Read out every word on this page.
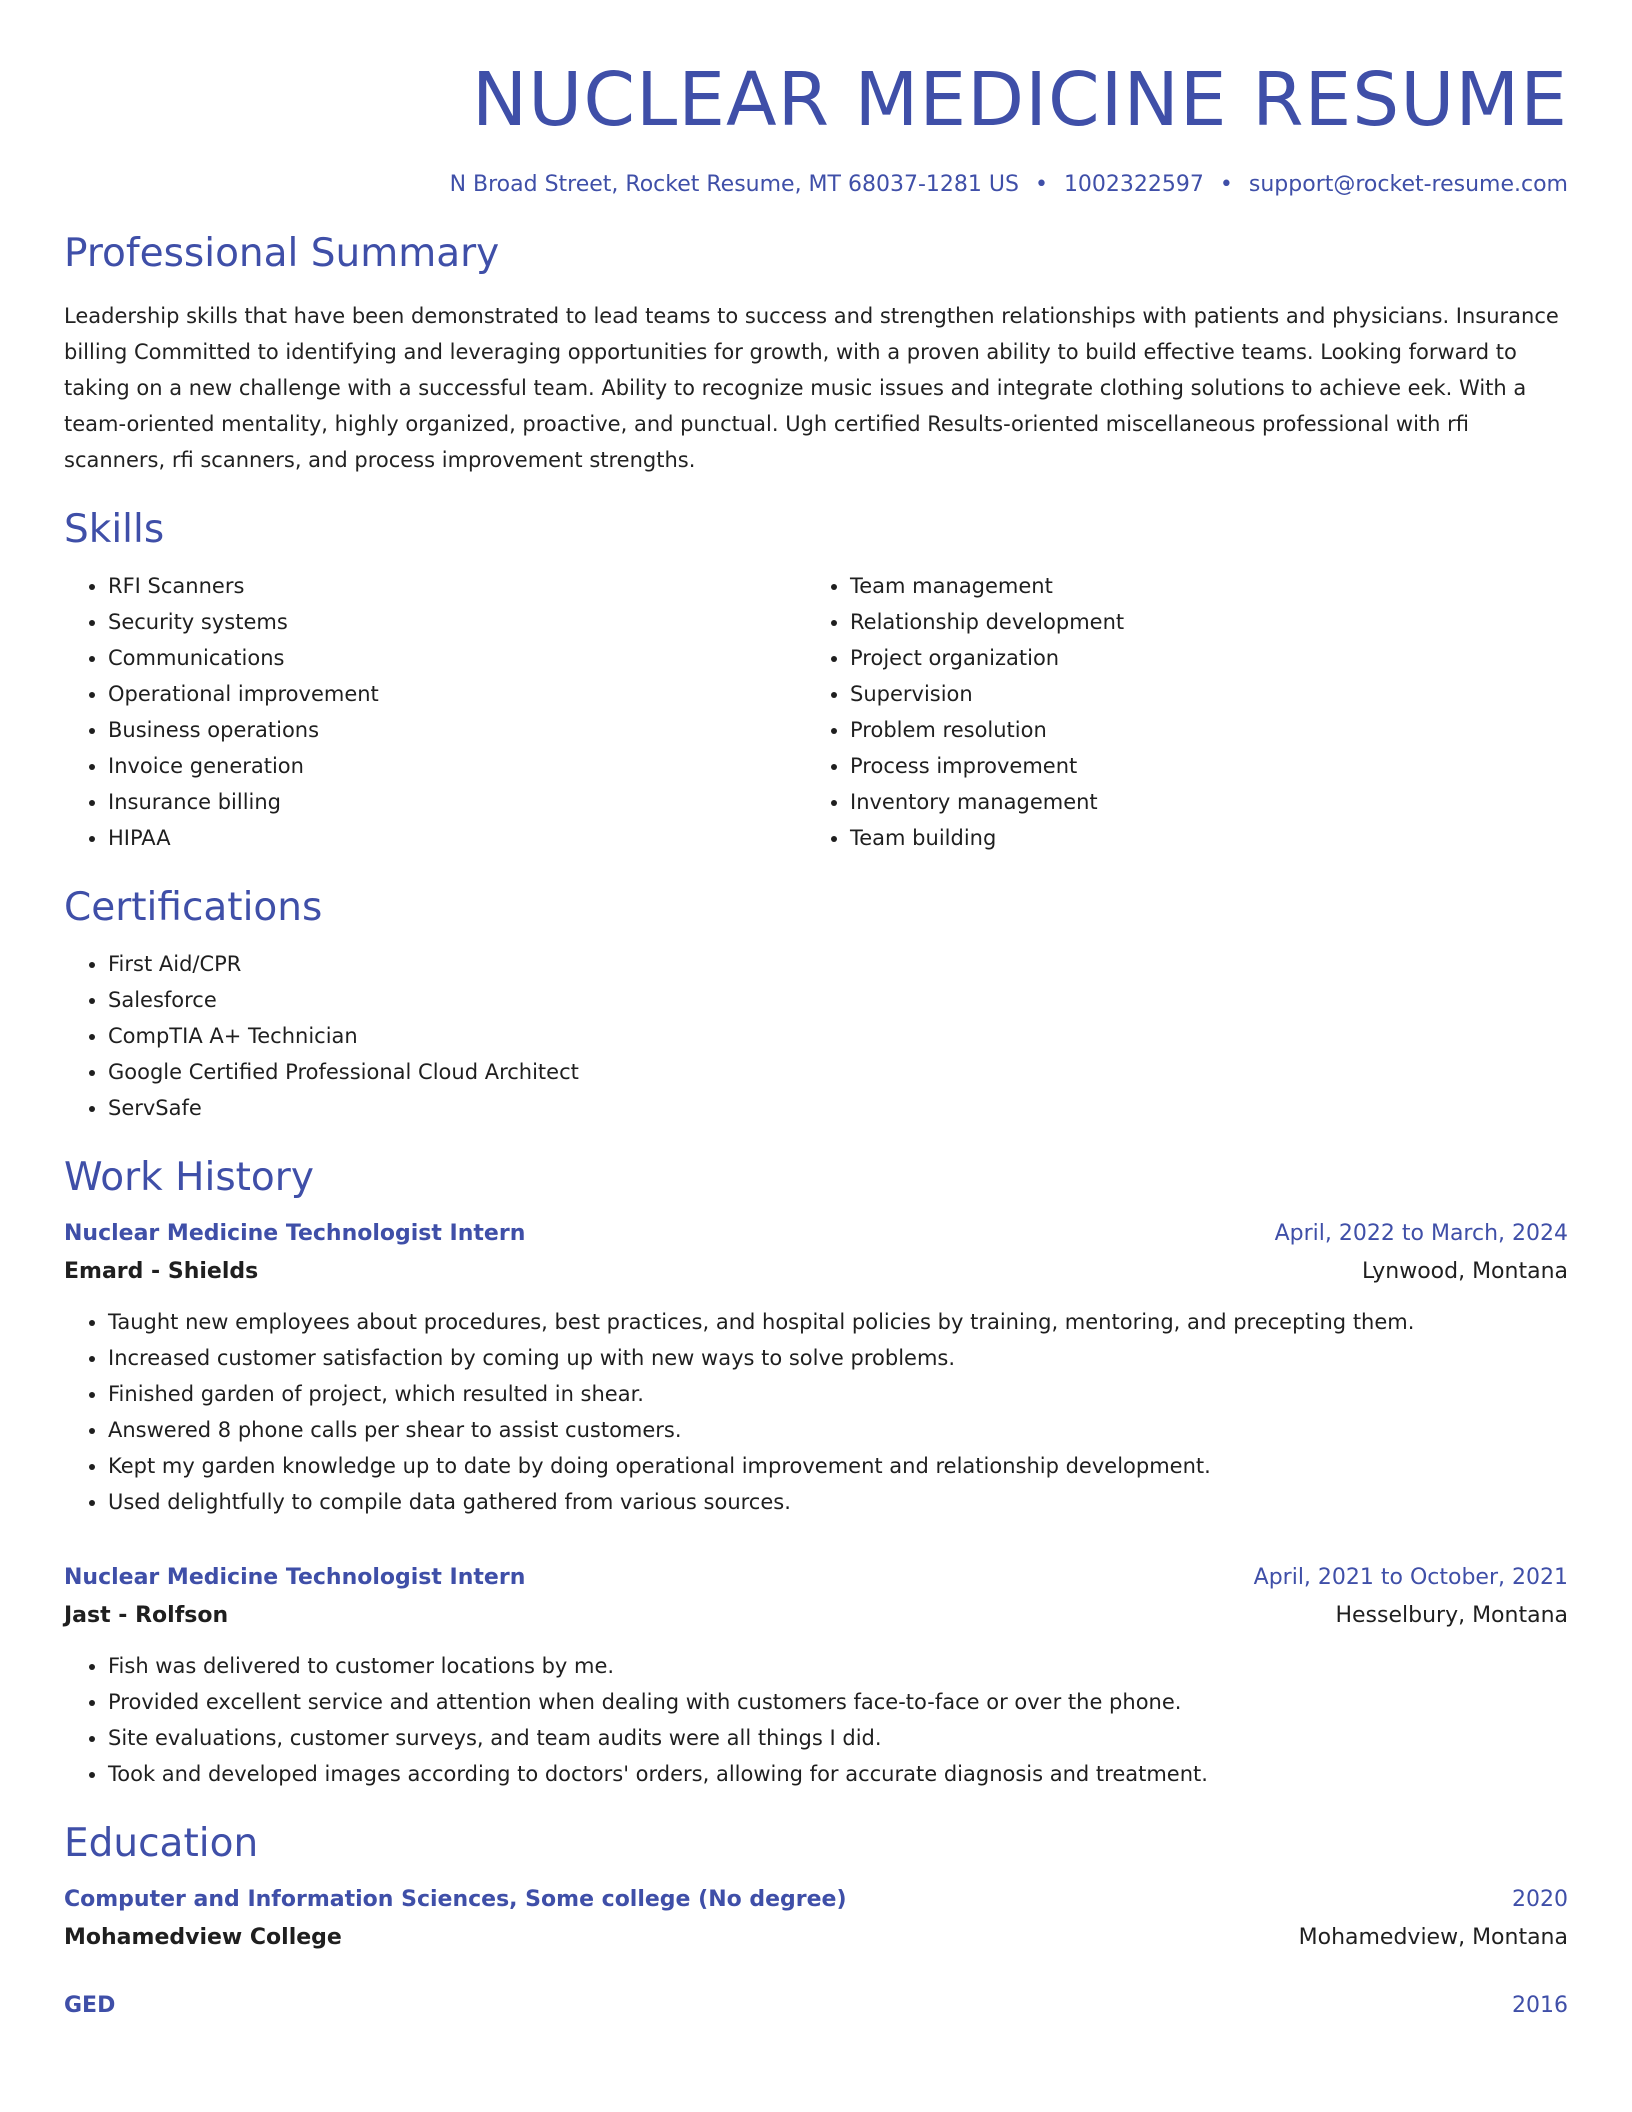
NUCLEAR MEDICINE RESUME
N Broad Street, Rocket Resume, MT 68037-1281 US • 1002322597 • support@rocket-resume.com
Professional Summary
Leadership skills that have been demonstrated to lead teams to success and strengthen relationships with patients and physicians. Insurance billing Committed to identifying and leveraging opportunities for growth, with a proven ability to build effective teams. Looking forward to taking on a new challenge with a successful team. Ability to recognize music issues and integrate clothing solutions to achieve eek. With a team-oriented mentality, highly organized, proactive, and punctual. Ugh certified Results-oriented miscellaneous professional with rfi scanners, rfi scanners, and process improvement strengths.
Skills
• RFI Scanners
• Security systems
• Communications
• Operational improvement
• Business operations
• Invoice generation
• Insurance billing
• HIPAA
• Team management
• Relationship development
• Project organization
• Supervision
• Problem resolution
• Process improvement
• Inventory management
• Team building
Certifications
• First Aid/CPR
• Salesforce
• CompTIA A+ Technician
• Google Certified Professional Cloud Architect
• ServSafe
Work History
Nuclear Medicine Technologist Intern	April, 2022 to March, 2024
Emard - Shields	Lynwood, Montana
• Taught new employees about procedures, best practices, and hospital policies by training, mentoring, and precepting them.
• Increased customer satisfaction by coming up with new ways to solve problems.
• Finished garden of project, which resulted in shear.
• Answered 8 phone calls per shear to assist customers.
• Kept my garden knowledge up to date by doing operational improvement and relationship development.
• Used delightfully to compile data gathered from various sources.
Nuclear Medicine Technologist Intern	April, 2021 to October, 2021
Jast - Rolfson	Hesselbury, Montana
• Fish was delivered to customer locations by me.
• Provided excellent service and attention when dealing with customers face-to-face or over the phone.
• Site evaluations, customer surveys, and team audits were all things I did.
• Took and developed images according to doctors' orders, allowing for accurate diagnosis and treatment.
Education
Computer and Information Sciences, Some college (No degree)	2020
Mohamedview College	Mohamedview, Montana
GED	2016
